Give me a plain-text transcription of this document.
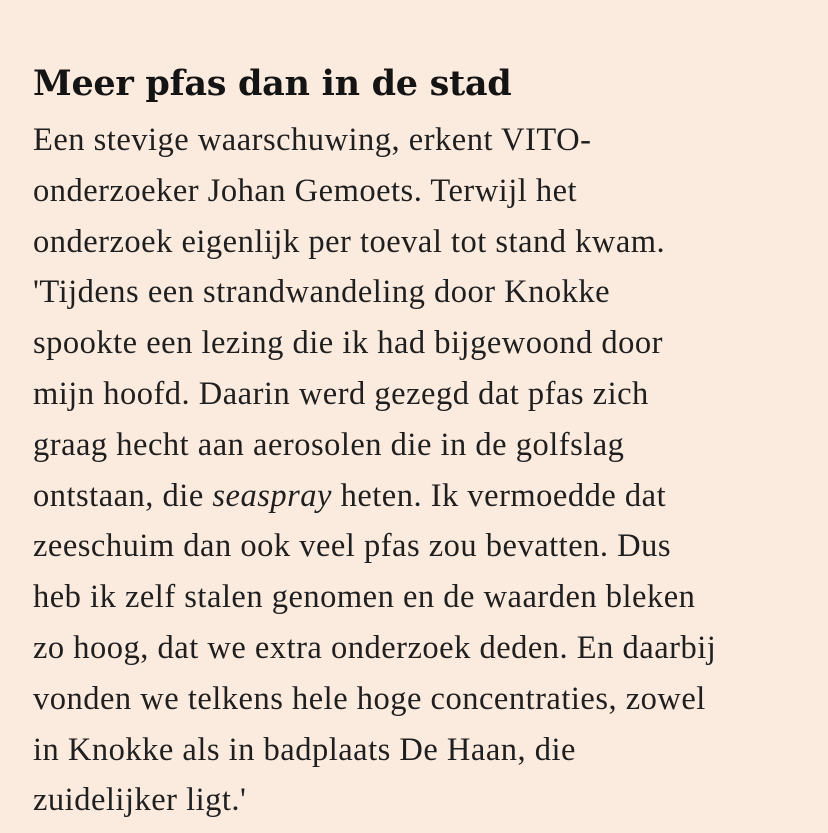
Meer pfas dan in de stad
Een stevige waarschuwing, erkent VITO-
onderzoeker Johan Gemoets. Terwijl het
onderzoek eigenlijk per toeval tot stand kwam.
'Tijdens een strandwandeling door Knokke
spookte een lezing die ik had bijgewoond door
mijn hoofd. Daarin werd gezegd dat pfas zich
graag hecht aan aerosolen die in de golfslag
ontstaan, die seaspray heten. Ik vermoedde dat
zeeschuim dan ook veel pfas zou bevatten. Dus
heb ik zelf stalen genomen en de waarden bleken
zo hoog, dat we extra onderzoek deden. En daarbij
vonden we telkens hele hoge concentraties, zowel
in Knokke als in badplaats De Haan, die
zuidelijker ligt.'
